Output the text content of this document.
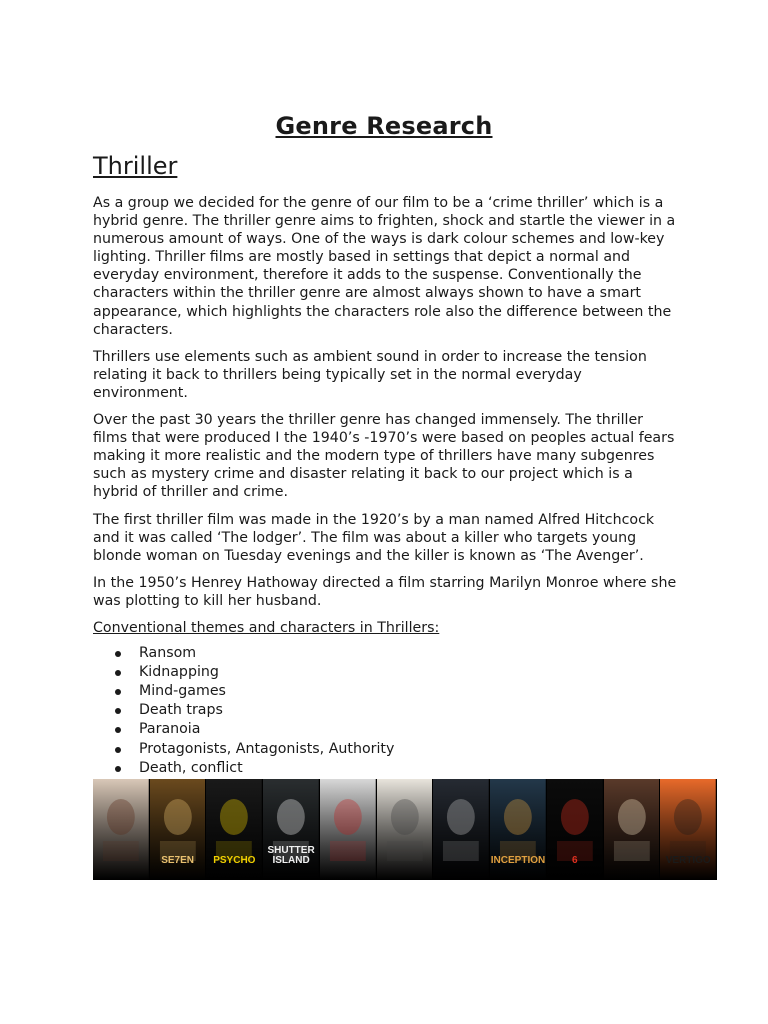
Genre Research
Thriller

As a group we decided for the genre of our film to be a ‘crime thriller’ which is a hybrid genre. The thriller genre aims to frighten, shock and startle the viewer in a numerous amount of ways. One of the ways is dark colour schemes and low-key lighting. Thriller films are mostly based in settings that depict a normal and everyday environment, therefore it adds to the suspense. Conventionally the characters within the thriller genre are almost always shown to have a smart appearance, which highlights the characters role also the difference between the characters.

Thrillers use elements such as ambient sound in order to increase the tension relating it back to thrillers being typically set in the normal everyday environment.

Over the past 30 years the thriller genre has changed immensely. The thriller films that were produced I the 1940’s -1970’s were based on peoples actual fears making it more realistic and the modern type of thrillers have many subgenres such as mystery crime and disaster relating it back to our project which is a hybrid of thriller and crime.

The first thriller film was made in the 1920’s by a man named Alfred Hitchcock and it was called ‘The lodger’. The film was about a killer who targets young blonde woman on Tuesday evenings and the killer is known as ‘The Avenger’.

In the 1950’s Henrey Hathoway directed a film starring Marilyn Monroe where she was plotting to kill her husband.

Conventional themes and characters in Thrillers:

Ransom
Kidnapping
Mind-games
Death traps
Paranoia
Protagonists, Antagonists, Authority
Death, conflict
SE7EN	PSYCHO
SHUTTER ISLAND	INCEPTION	6	VERTIGO
